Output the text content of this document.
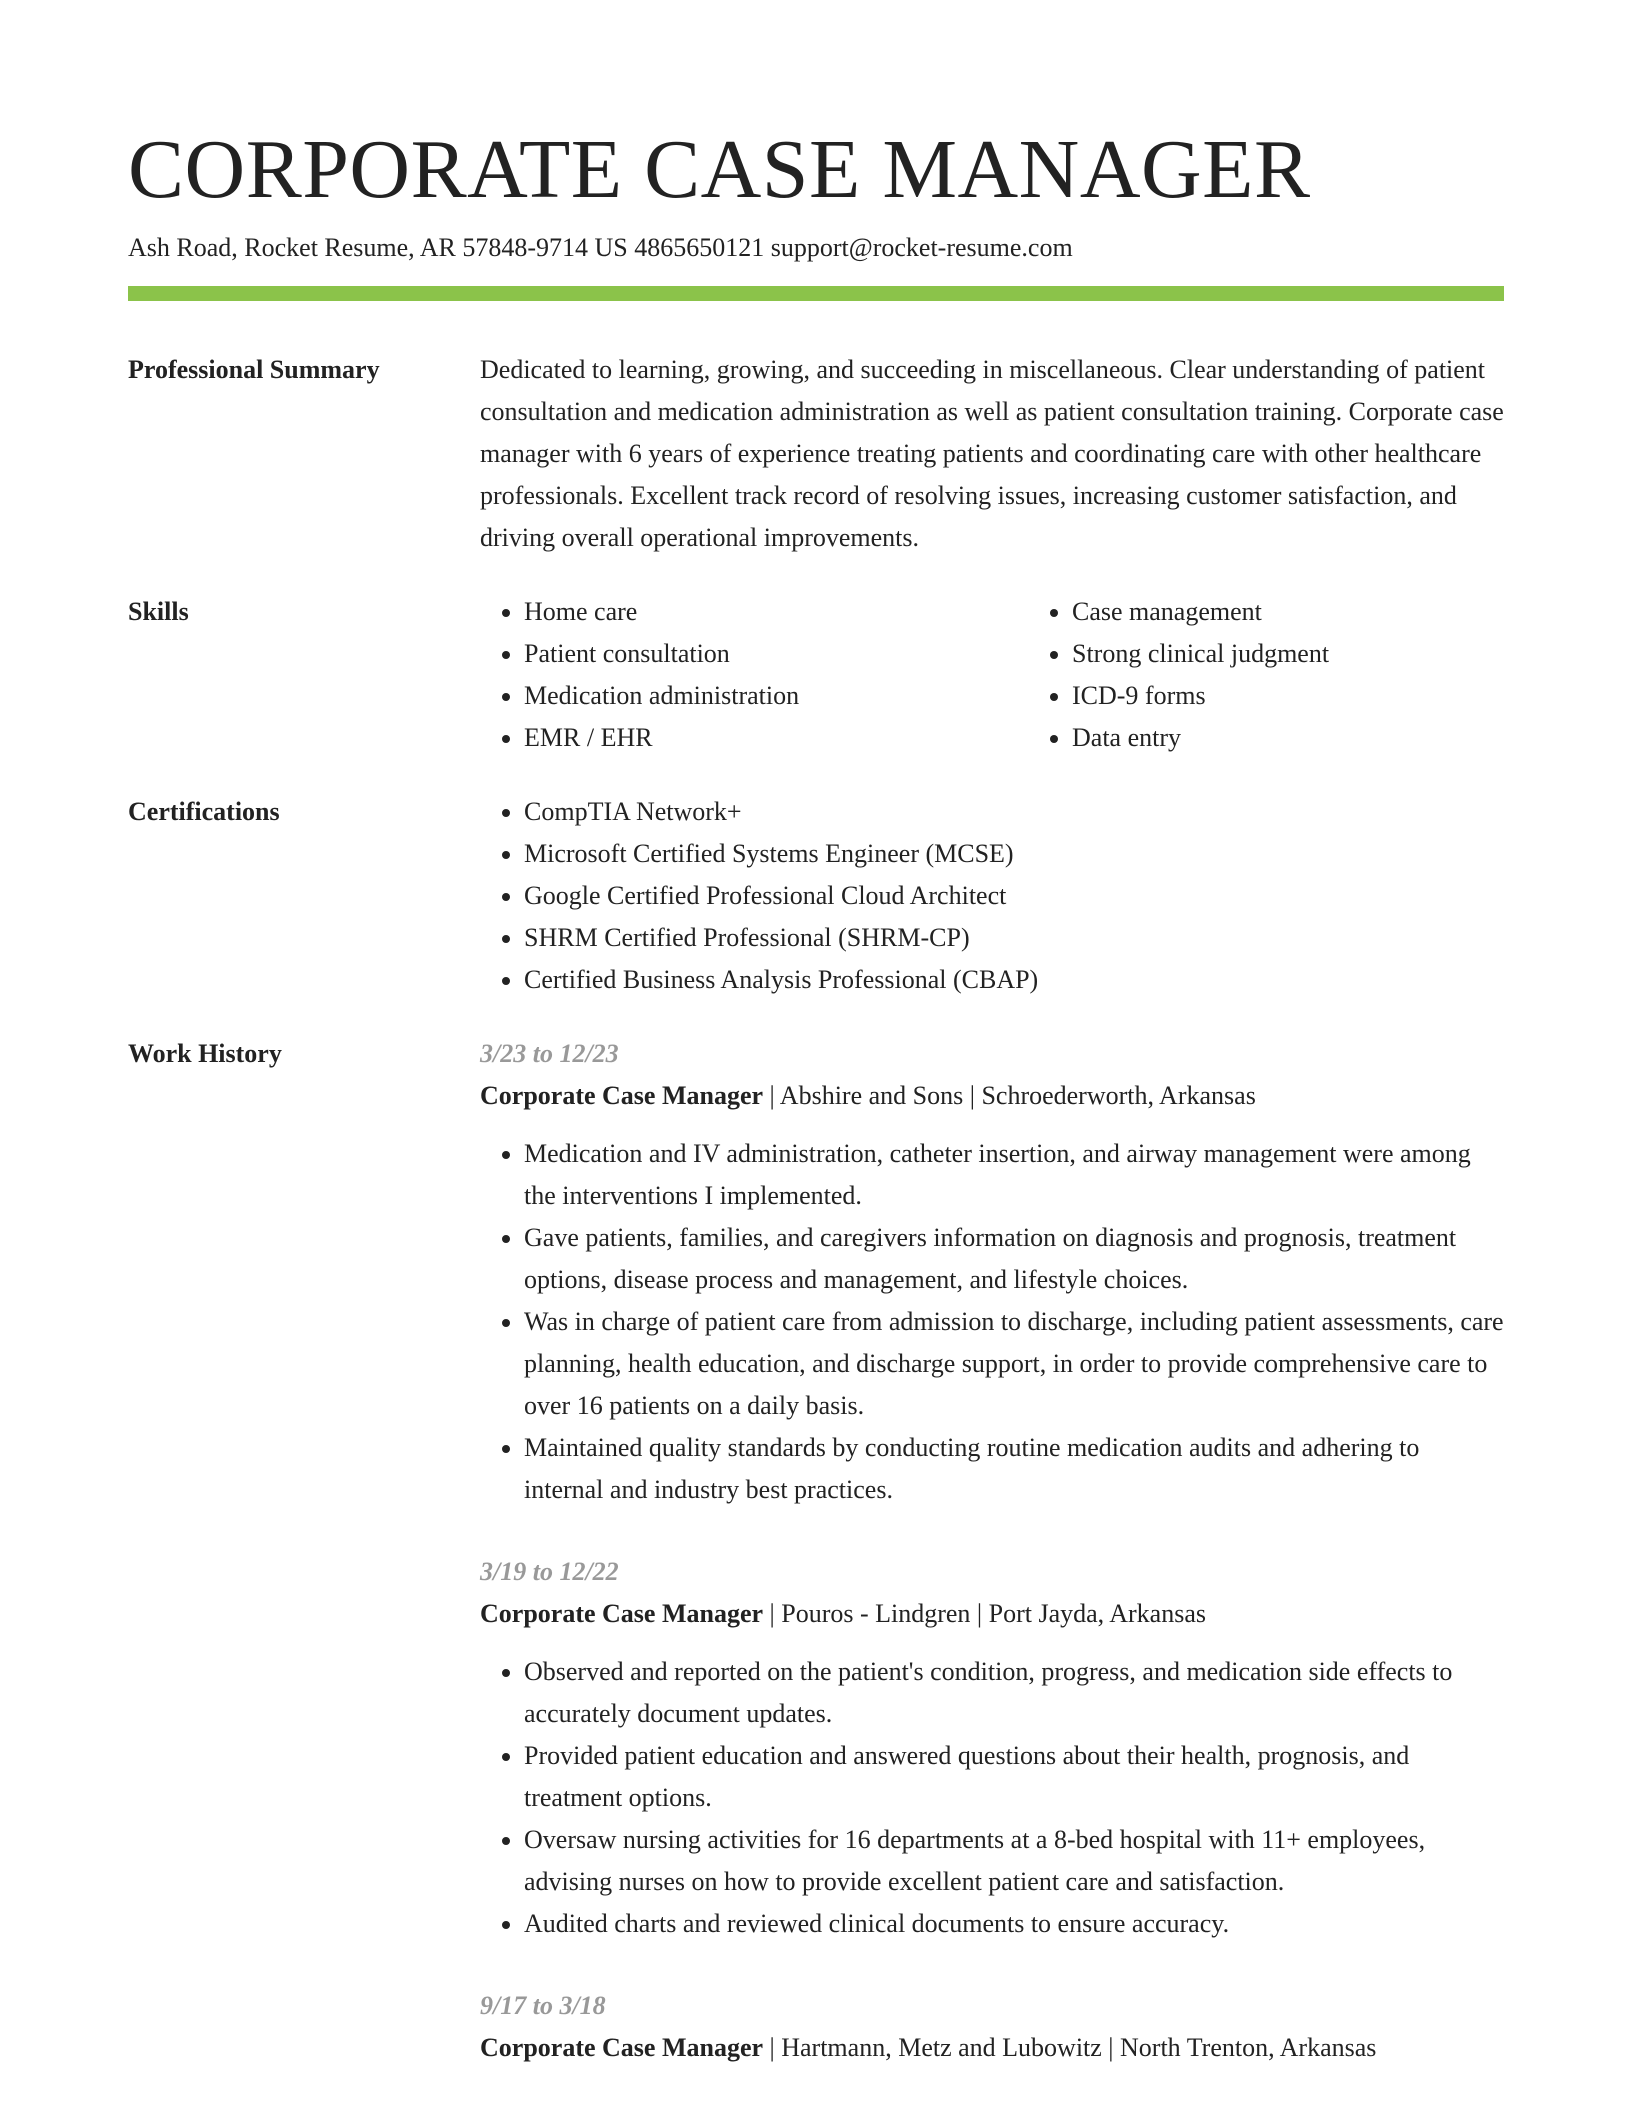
CORPORATE CASE MANAGER
Ash Road, Rocket Resume, AR 57848-9714 US 4865650121 support@rocket-resume.com
Professional Summary	Dedicated to learning, growing, and succeeding in miscellaneous. Clear understanding of patient consultation and medication administration as well as patient consultation training. Corporate case manager with 6 years of experience treating patients and coordinating care with other healthcare professionals. Excellent track record of resolving issues, increasing customer satisfaction, and driving overall operational improvements.

Skills	• Home care
• Patient consultation
• Medication administration
• EMR / EHR
• Case management
• Strong clinical judgment
• ICD-9 forms
• Data entry
Certifications	• CompTIA Network+
• Microsoft Certified Systems Engineer (MCSE)
• Google Certified Professional Cloud Architect
• SHRM Certified Professional (SHRM-CP)
• Certified Business Analysis Professional (CBAP)
Work History	3/23 to 12/23
Corporate Case Manager | Abshire and Sons | Schroederworth, Arkansas
• Medication and IV administration, catheter insertion, and airway management were among the interventions I implemented.
• Gave patients, families, and caregivers information on diagnosis and prognosis, treatment options, disease process and management, and lifestyle choices.
• Was in charge of patient care from admission to discharge, including patient assessments, care planning, health education, and discharge support, in order to provide comprehensive care to over 16 patients on a daily basis.
• Maintained quality standards by conducting routine medication audits and adhering to internal and industry best practices.
3/19 to 12/22
Corporate Case Manager | Pouros - Lindgren | Port Jayda, Arkansas
• Observed and reported on the patient's condition, progress, and medication side effects to accurately document updates.
• Provided patient education and answered questions about their health, prognosis, and treatment options.
• Oversaw nursing activities for 16 departments at a 8-bed hospital with 11+ employees, advising nurses on how to provide excellent patient care and satisfaction.
• Audited charts and reviewed clinical documents to ensure accuracy.
9/17 to 3/18
Corporate Case Manager | Hartmann, Metz and Lubowitz | North Trenton, Arkansas
